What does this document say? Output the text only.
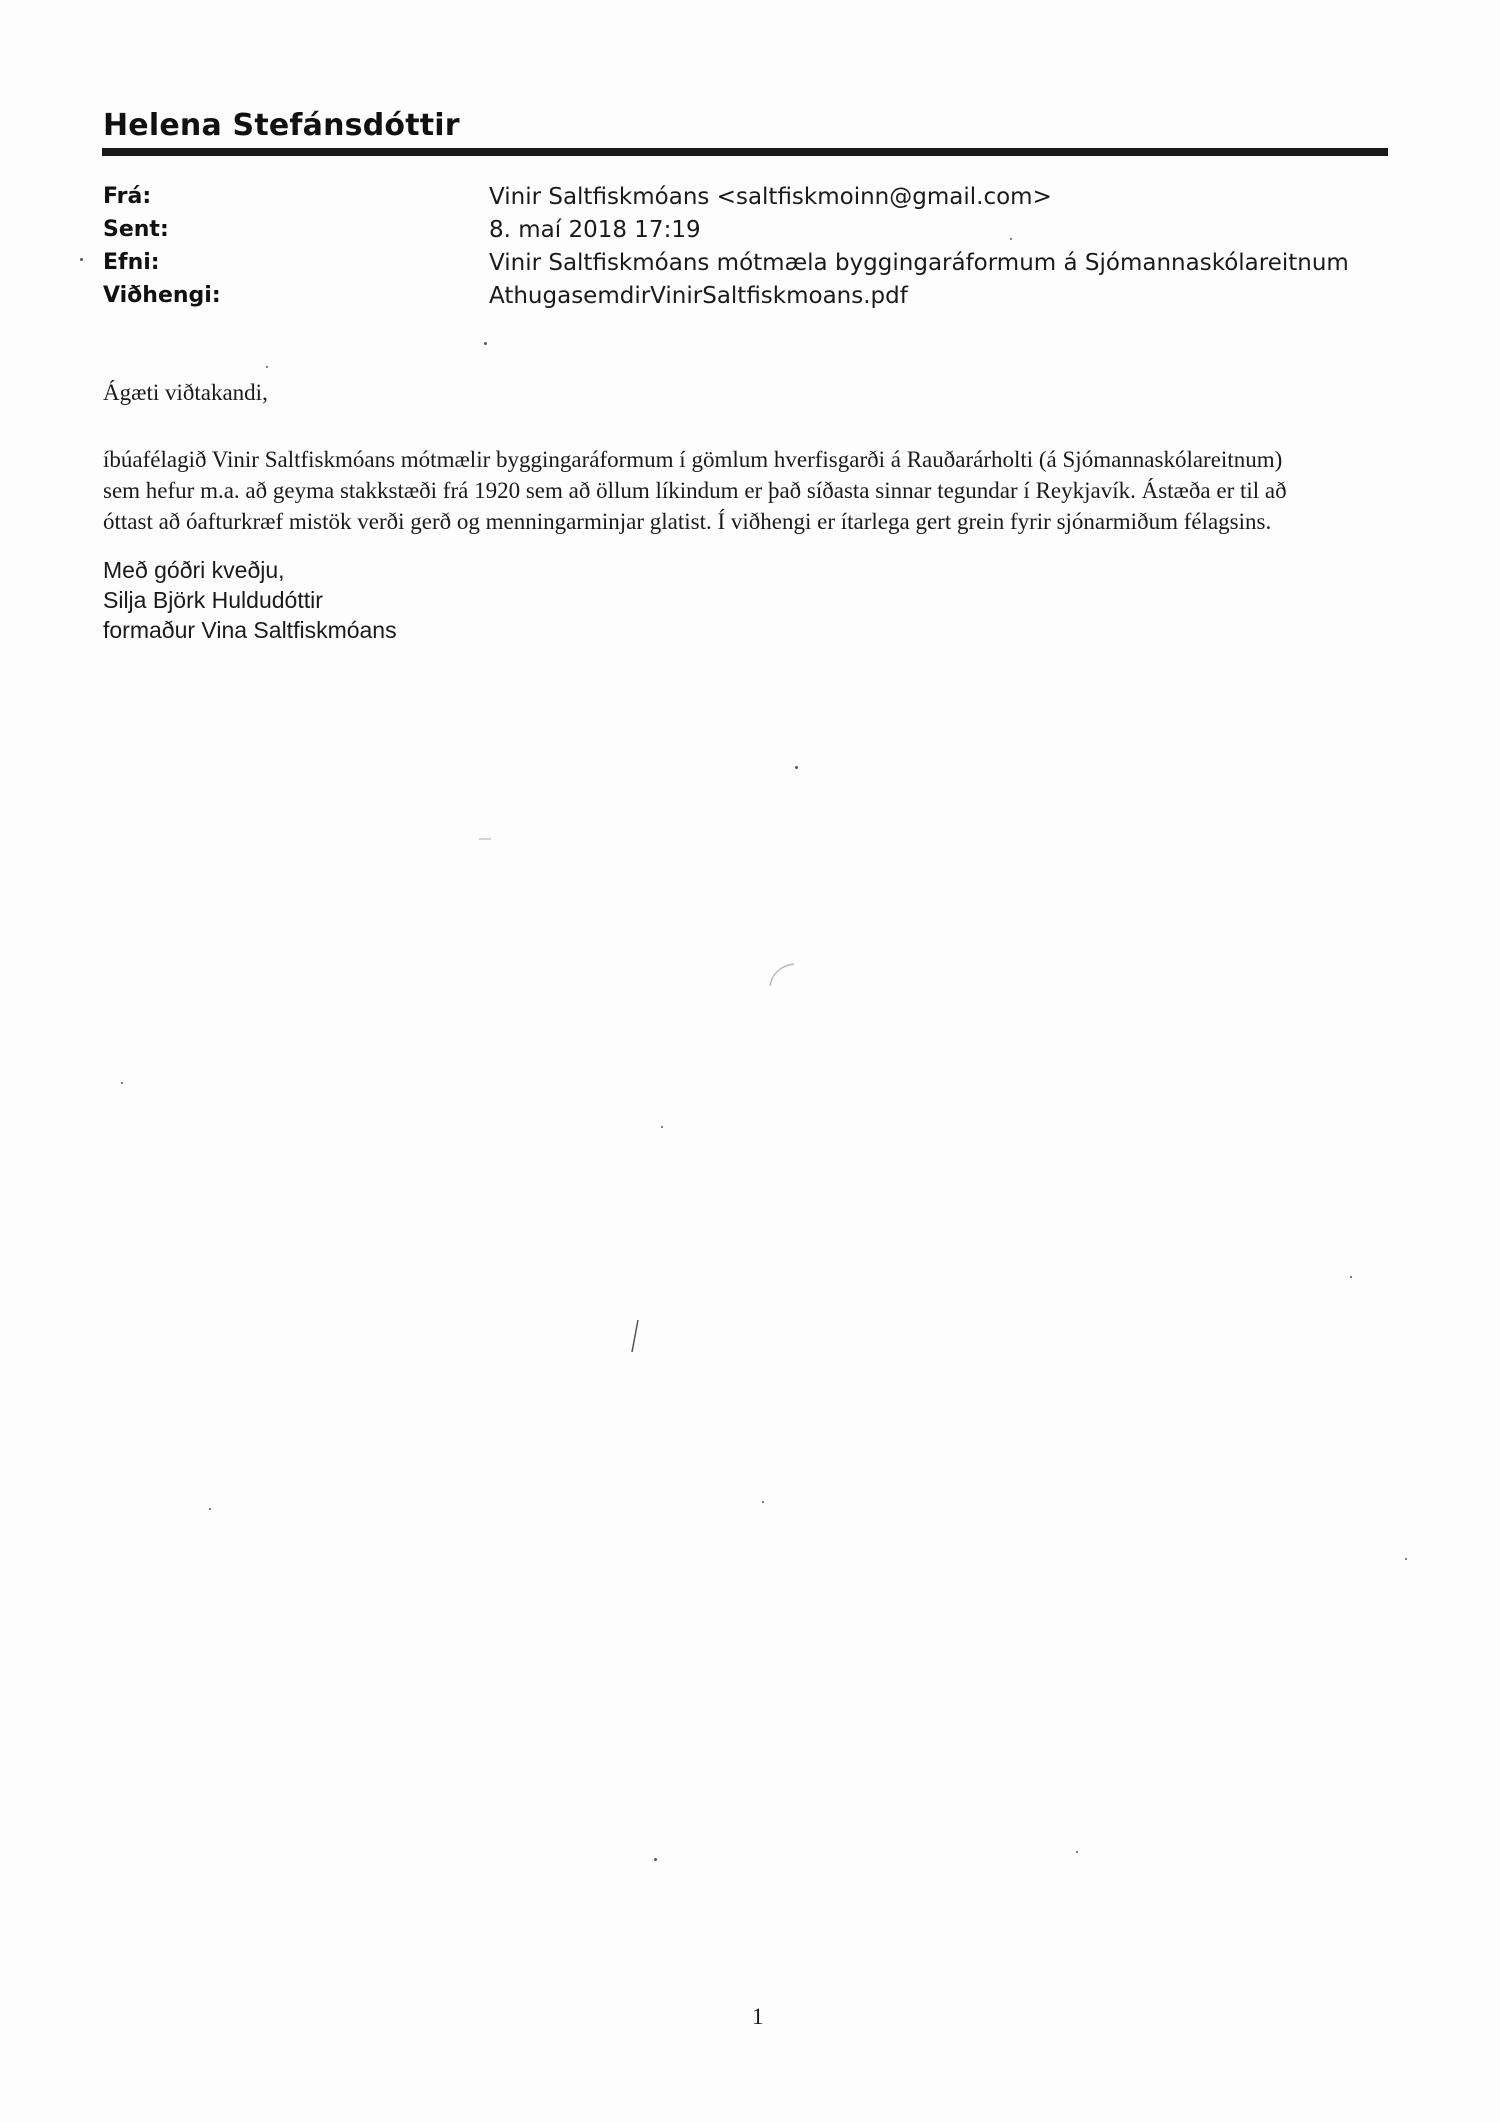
Helena Stefánsdóttir
Frá:	Vinir Saltfiskmóans <saltfiskmoinn@gmail.com>
Sent:	8. maí 2018 17:19
Efni:	Vinir Saltfiskmóans mótmæla byggingaráformum á Sjómannaskólareitnum
Viðhengi:	AthugasemdirVinirSaltfiskmoans.pdf
Ágæti viðtakandi,
íbúafélagið Vinir Saltfiskmóans mótmælir byggingaráformum í gömlum hverfisgarði á Rauðarárholti (á Sjómannaskólareitnum)
sem hefur m.a. að geyma stakkstæði frá 1920 sem að öllum líkindum er það síðasta sinnar tegundar í Reykjavík. Ástæða er til að
óttast að óafturkræf mistök verði gerð og menningarminjar glatist. Í viðhengi er ítarlega gert grein fyrir sjónarmiðum félagsins.
Með góðri kveðju,
Silja Björk Huldudóttir
formaður Vina Saltfiskmóans
1
